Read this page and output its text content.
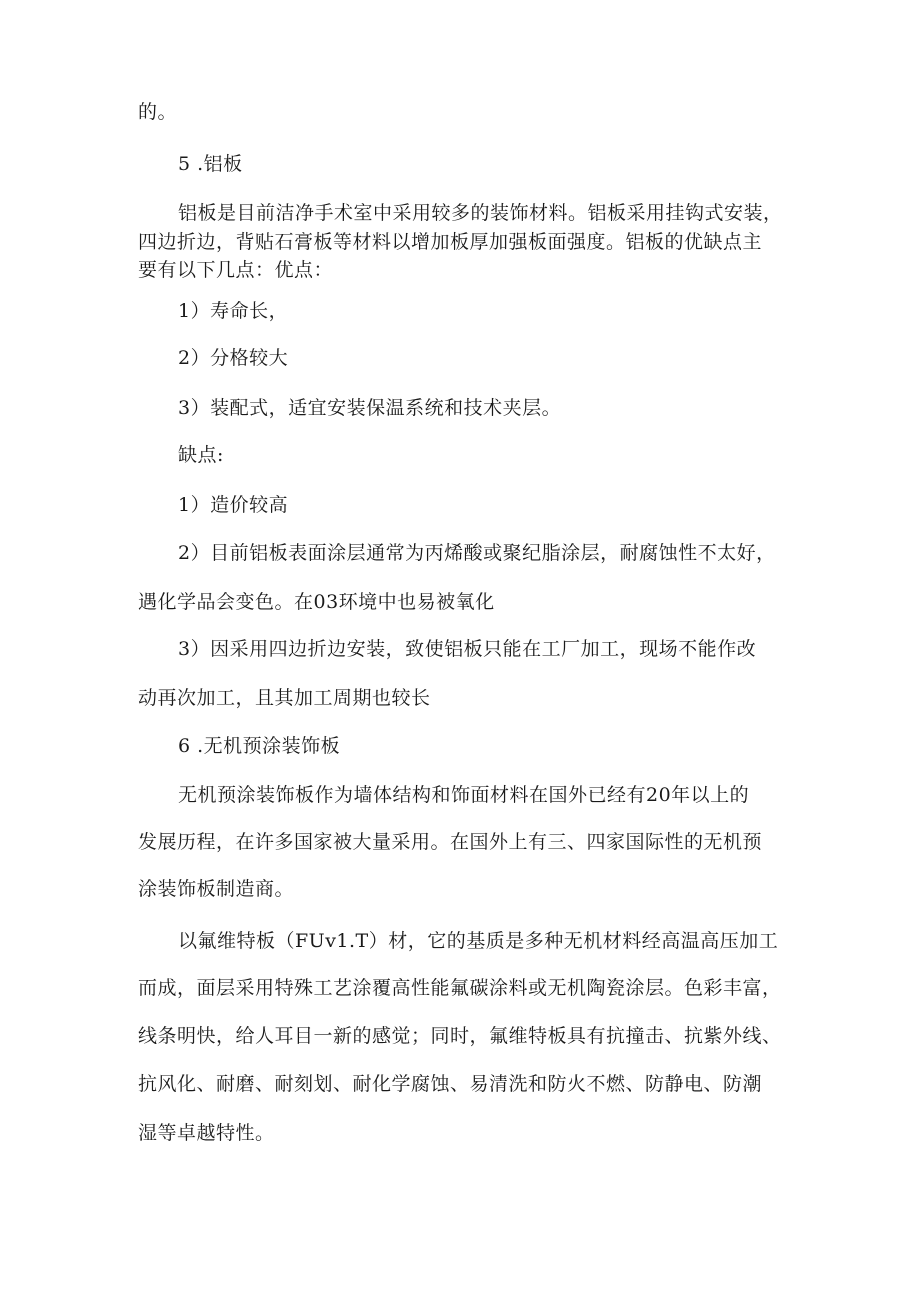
的。
5 .铝板
铝板是目前洁净手术室中采用较多的装饰材料。铝板采用挂钩式安装，
四边折边，背贴石膏板等材料以增加板厚加强板面强度。铝板的优缺点主
要有以下几点：优点：
1）寿命长，
2）分格较大
3）装配式，适宜安装保温系统和技术夹层。
缺点:
1）造价较高
2）目前铝板表面涂层通常为丙烯酸或聚纪脂涂层，耐腐蚀性不太好，
遇化学品会变色。在03环境中也易被氧化
3）因采用四边折边安装，致使铝板只能在工厂加工，现场不能作改
动再次加工，且其加工周期也较长
6 .无机预涂装饰板
无机预涂装饰板作为墙体结构和饰面材料在国外已经有20年以上的
发展历程，在许多国家被大量采用。在国外上有三、四家国际性的无机预
涂装饰板制造商。
以氟维特板（FUv1.T）材，它的基质是多种无机材料经高温高压加工
而成，面层采用特殊工艺涂覆高性能氟碳涂料或无机陶瓷涂层。色彩丰富，
线条明快，给人耳目一新的感觉；同时，氟维特板具有抗撞击、抗紫外线、
抗风化、耐磨、耐刻划、耐化学腐蚀、易清洗和防火不燃、防静电、防潮
湿等卓越特性。
